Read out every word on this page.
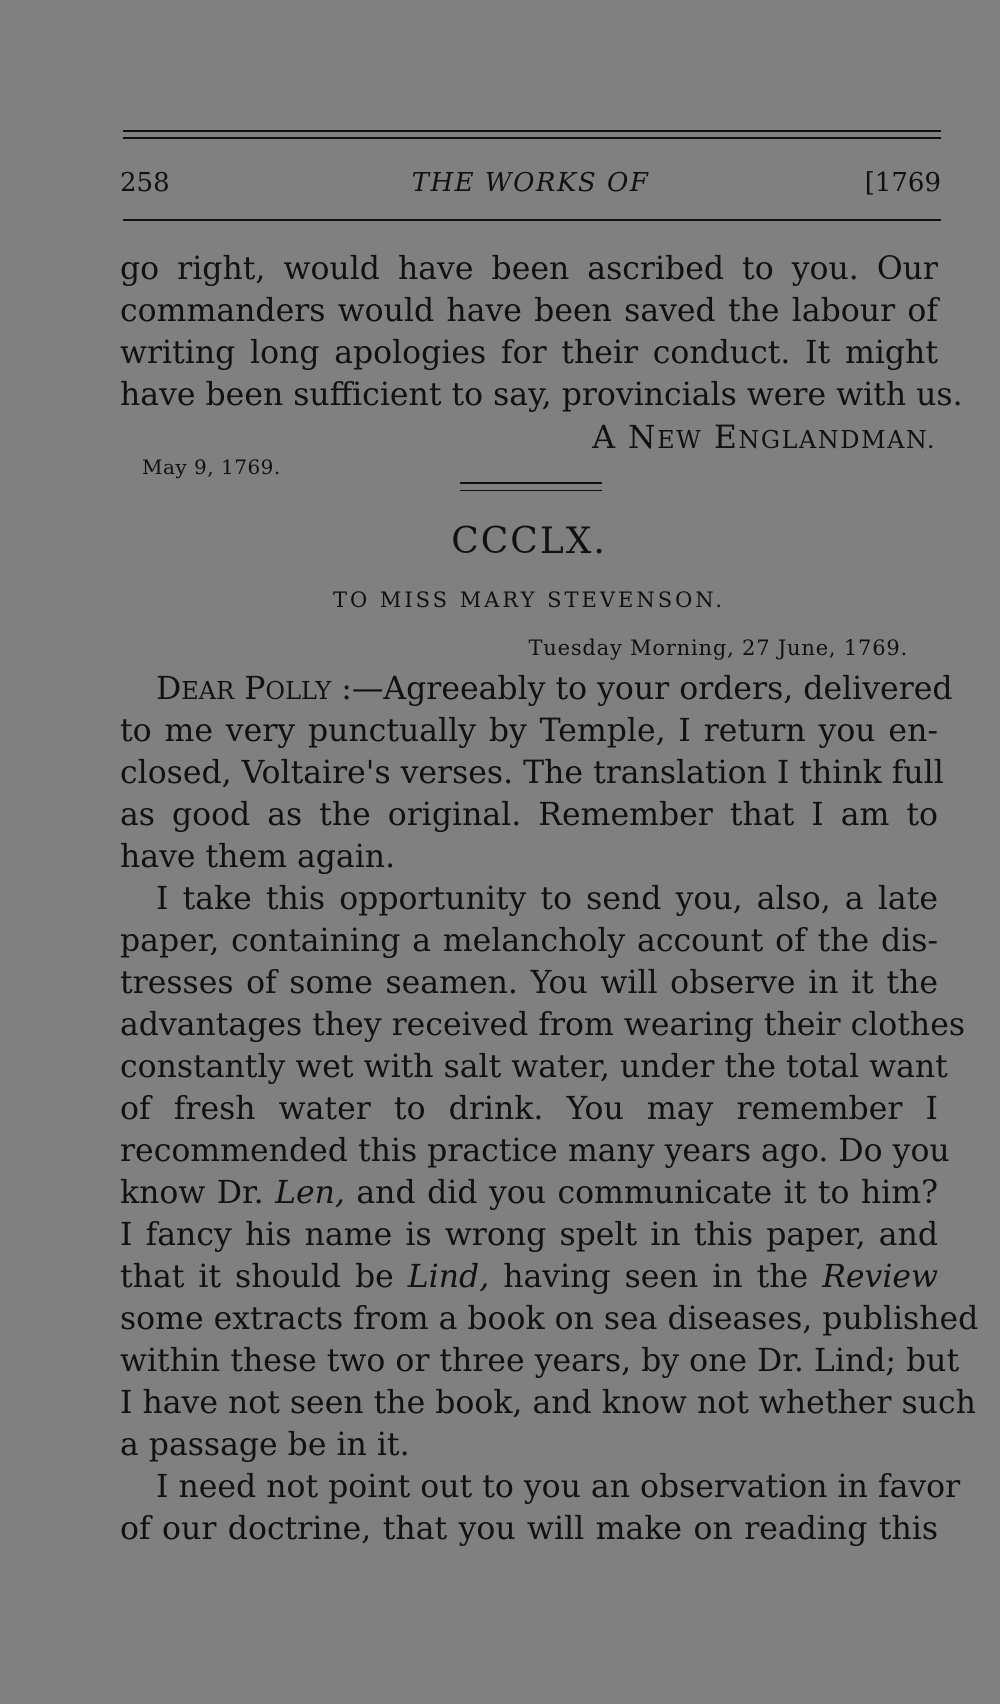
258	THE WORKS OF	[1769
go right, would have been ascribed to you. Our
commanders would have been saved the labour of
writing long apologies for their conduct. It might
have been sufficient to say, provincials were with us.
A NEW ENGLANDMAN.
May 9, 1769.
CCCLX.
TO MISS MARY STEVENSON.
Tuesday Morning, 27 June, 1769.
DEAR POLLY :—Agreeably to your orders, delivered
to me very punctually by Temple, I return you en-
closed, Voltaire's verses. The translation I think full
as good as the original. Remember that I am to
have them again.
I take this opportunity to send you, also, a late
paper, containing a melancholy account of the dis-
tresses of some seamen. You will observe in it the
advantages they received from wearing their clothes
constantly wet with salt water, under the total want
of fresh water to drink. You may remember I
recommended this practice many years ago. Do you
know Dr. Len, and did you communicate it to him?
I fancy his name is wrong spelt in this paper, and
that it should be Lind, having seen in the Review
some extracts from a book on sea diseases, published
within these two or three years, by one Dr. Lind; but
I have not seen the book, and know not whether such
a passage be in it.
I need not point out to you an observation in favor
of our doctrine, that you will make on reading this
